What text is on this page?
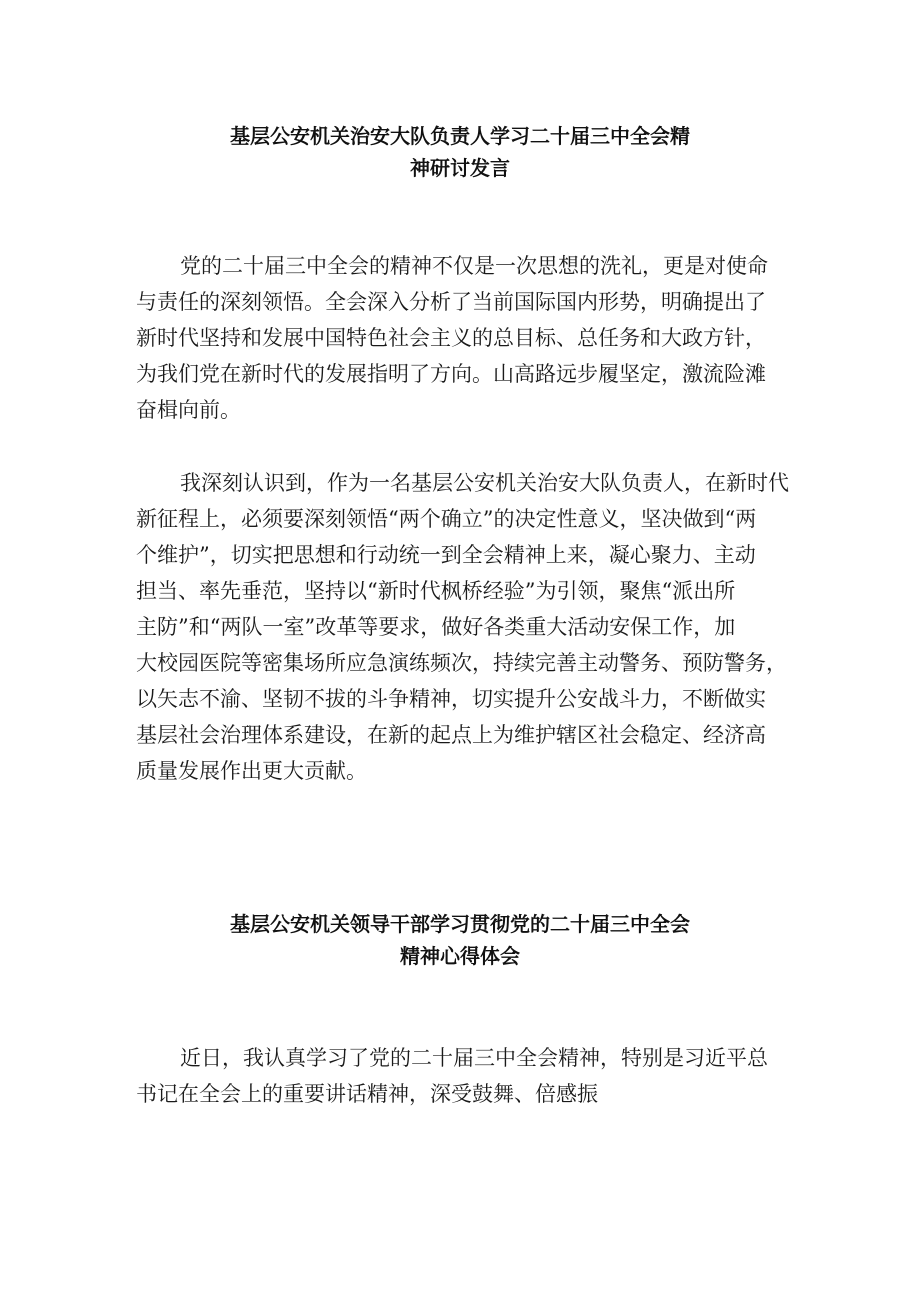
基层公安机关治安大队负责人学习二十届三中全会精
神研讨发言
党的二十届三中全会的精神不仅是一次思想的洗礼，更是对使命
与责任的深刻领悟。全会深入分析了当前国际国内形势，明确提出了
新时代坚持和发展中国特色社会主义的总目标、总任务和大政方针，
为我们党在新时代的发展指明了方向。山高路远步履坚定，激流险滩
奋楫向前。
我深刻认识到，作为一名基层公安机关治安大队负责人，在新时代
新征程上，必须要深刻领悟“两个确立”的决定性意义，坚决做到“两
个维护”，切实把思想和行动统一到全会精神上来，凝心聚力、主动
担当、率先垂范，坚持以“新时代枫桥经验”为引领，聚焦“派出所
主防”和“两队一室”改革等要求，做好各类重大活动安保工作，加
大校园医院等密集场所应急演练频次，持续完善主动警务、预防警务，
以矢志不渝、坚韧不拔的斗争精神，切实提升公安战斗力，不断做实
基层社会治理体系建设，在新的起点上为维护辖区社会稳定、经济高
质量发展作出更大贡献。
基层公安机关领导干部学习贯彻党的二十届三中全会
精神心得体会
近日，我认真学习了党的二十届三中全会精神，特别是习近平总
书记在全会上的重要讲话精神，深受鼓舞、倍感振
